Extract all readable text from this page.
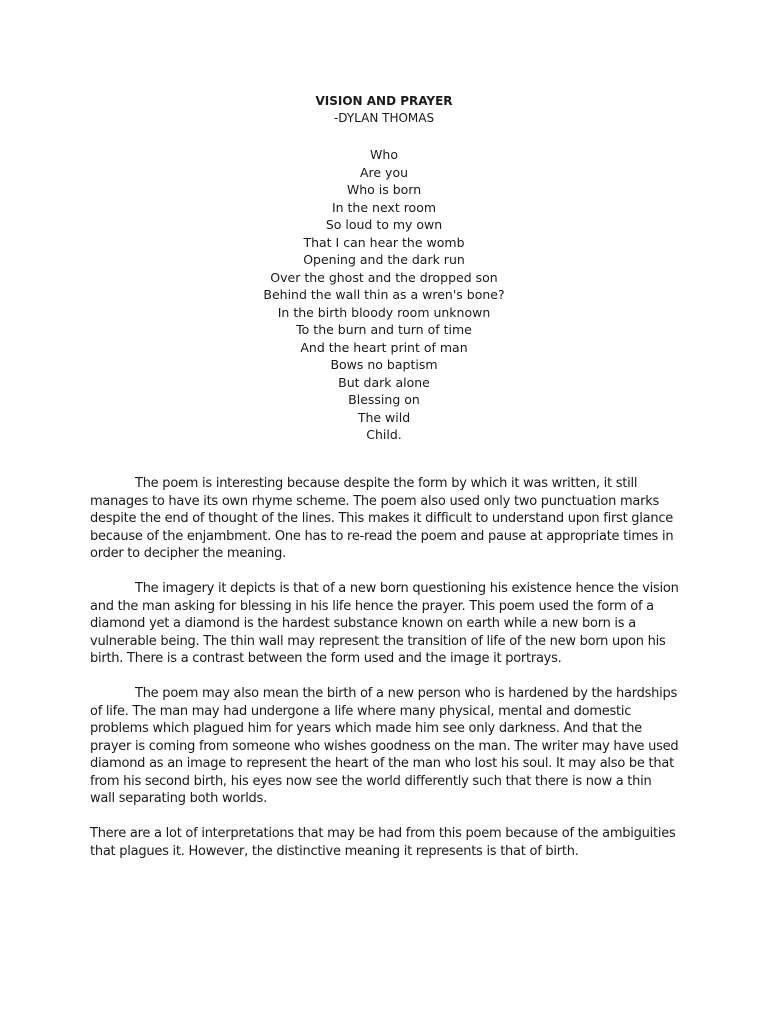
VISION AND PRAYER
-DYLAN THOMAS
Who
Are you
Who is born
In the next room
So loud to my own
That I can hear the womb
Opening and the dark run
Over the ghost and the dropped son
Behind the wall thin as a wren's bone?
In the birth bloody room unknown
To the burn and turn of time
And the heart print of man
Bows no baptism
But dark alone
Blessing on
The wild
Child.

The poem is interesting because despite the form by which it was written, it still manages to have its own rhyme scheme. The poem also used only two punctuation marks despite the end of thought of the lines. This makes it difficult to understand upon first glance because of the enjambment. One has to re-read the poem and pause at appropriate times in order to decipher the meaning.

The imagery it depicts is that of a new born questioning his existence hence the vision and the man asking for blessing in his life hence the prayer. This poem used the form of a diamond yet a diamond is the hardest substance known on earth while a new born is a vulnerable being. The thin wall may represent the transition of life of the new born upon his birth. There is a contrast between the form used and the image it portrays.

The poem may also mean the birth of a new person who is hardened by the hardships of life. The man may had undergone a life where many physical, mental and domestic problems which plagued him for years which made him see only darkness. And that the prayer is coming from someone who wishes goodness on the man. The writer may have used diamond as an image to represent the heart of the man who lost his soul. It may also be that from his second birth, his eyes now see the world differently such that there is now a thin wall separating both worlds.

There are a lot of interpretations that may be had from this poem because of the ambiguities that plagues it. However, the distinctive meaning it represents is that of birth.
